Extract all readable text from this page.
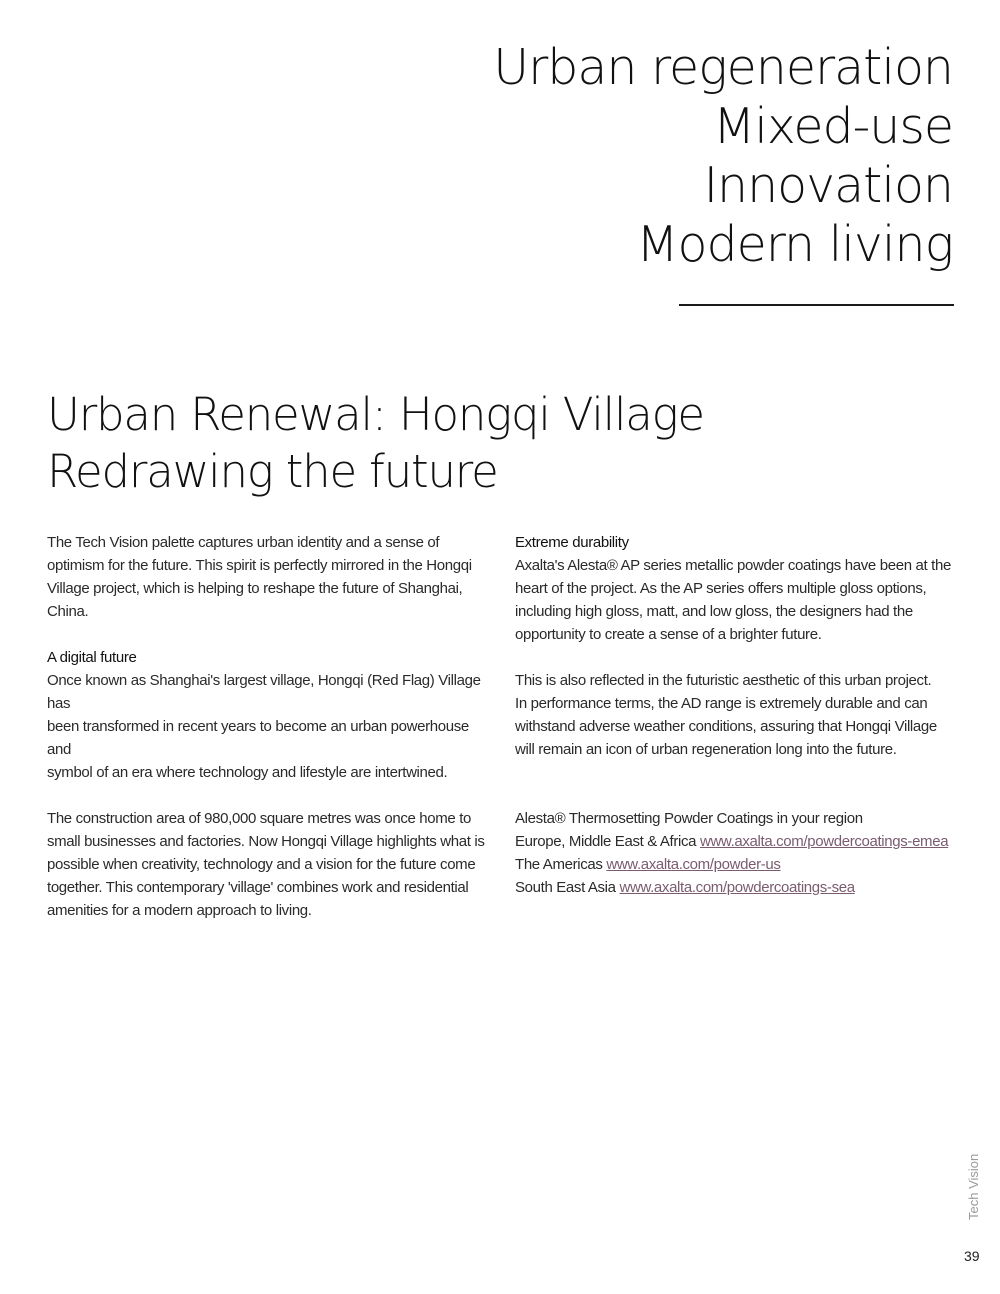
Urban regeneration
Mixed-use
Innovation
Modern living
Urban Renewal: Hongqi Village
Redrawing the future

The Tech Vision palette captures urban identity and a sense of

optimism for the future. This spirit is perfectly mirrored in the Hongqi

Village project, which is helping to reshape the future of Shanghai,

China.

A digital future

Once known as Shanghai's largest village, Hongqi (Red Flag) Village has

been transformed in recent years to become an urban powerhouse and

symbol of an era where technology and lifestyle are intertwined.

The construction area of 980,000 square metres was once home to

small businesses and factories. Now Hongqi Village highlights what is

possible when creativity, technology and a vision for the future come

together. This contemporary 'village' combines work and residential

amenities for a modern approach to living.

Extreme durability

Axalta's Alesta® AP series metallic powder coatings have been at the

heart of the project. As the AP series offers multiple gloss options,

including high gloss, matt, and low gloss, the designers had the

opportunity to create a sense of a brighter future.

This is also reflected in the futuristic aesthetic of this urban project.

In performance terms, the AD range is extremely durable and can

withstand adverse weather conditions, assuring that Hongqi Village

will remain an icon of urban regeneration long into the future.

Alesta® Thermosetting Powder Coatings in your region

Europe, Middle East & Africa www.axalta.com/powdercoatings-emea

The Americas www.axalta.com/powder-us

South East Asia www.axalta.com/powdercoatings-sea

Tech Vision
39
